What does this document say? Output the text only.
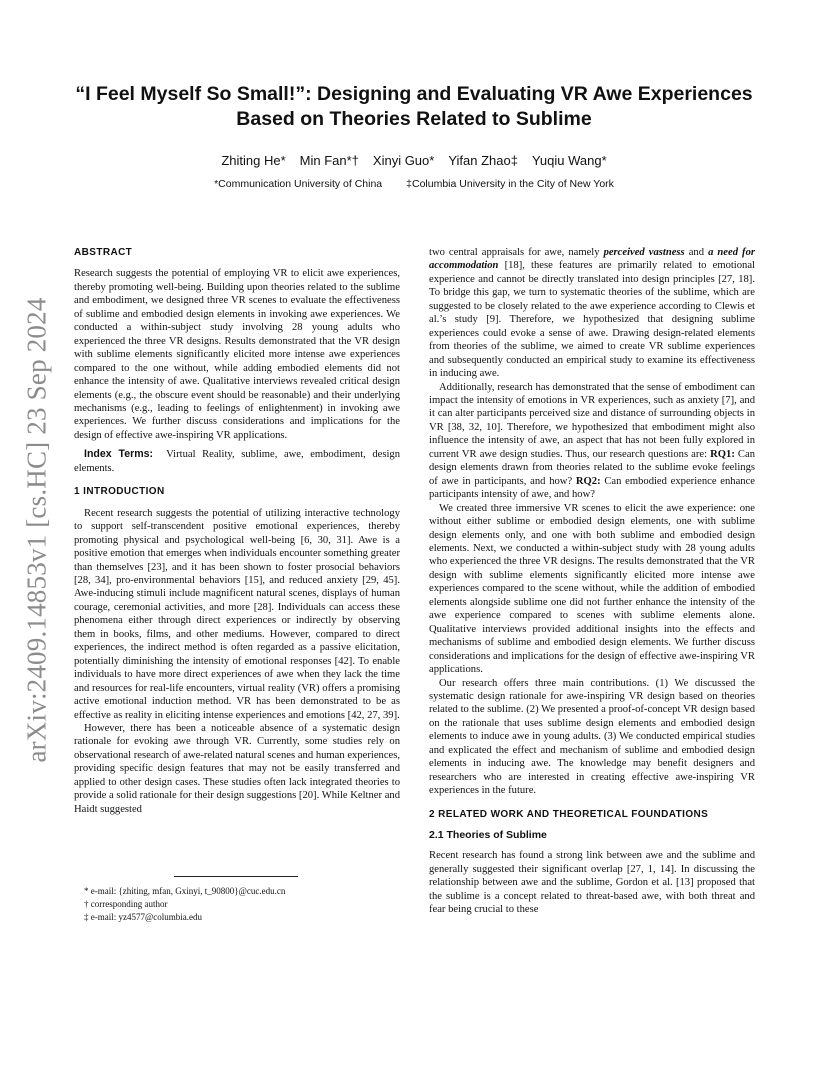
arXiv:2409.14853v1 [cs.HC] 23 Sep 2024
“I Feel Myself So Small!”: Designing and Evaluating VR Awe Experiences
Based on Theories Related to Sublime
Zhiting He* Min Fan*† Xinyi Guo* Yifan Zhao‡ Yuqiu Wang*
*Communication University of China ‡Columbia University in the City of New York
ABSTRACT

Research suggests the potential of employing VR to elicit awe experiences, thereby promoting well-being. Building upon theories related to the sublime and embodiment, we designed three VR scenes to evaluate the effectiveness of sublime and embodied design elements in invoking awe experiences. We conducted a within-subject study involving 28 young adults who experienced the three VR designs. Results demonstrated that the VR design with sublime elements significantly elicited more intense awe experiences compared to the one without, while adding embodied elements did not enhance the intensity of awe. Qualitative interviews revealed critical design elements (e.g., the obscure event should be reasonable) and their underlying mechanisms (e.g., leading to feelings of enlightenment) in invoking awe experiences. We further discuss considerations and implications for the design of effective awe-inspiring VR applications.

Index Terms: Virtual Reality, sublime, awe, embodiment, design elements.

1 INTRODUCTION

Recent research suggests the potential of utilizing interactive technology to support self-transcendent positive emotional experiences, thereby promoting physical and psychological well-being [6, 30, 31]. Awe is a positive emotion that emerges when individuals encounter something greater than themselves [23], and it has been shown to foster prosocial behaviors [28, 34], pro-environmental behaviors [15], and reduced anxiety [29, 45]. Awe-inducing stimuli include magnificent natural scenes, displays of human courage, ceremonial activities, and more [28]. Individuals can access these phenomena either through direct experiences or indirectly by observing them in books, films, and other mediums. However, compared to direct experiences, the indirect method is often regarded as a passive elicitation, potentially diminishing the intensity of emotional responses [42]. To enable individuals to have more direct experiences of awe when they lack the time and resources for real-life encounters, virtual reality (VR) offers a promising active emotional induction method. VR has been demonstrated to be as effective as reality in eliciting intense experiences and emotions [42, 27, 39].

However, there has been a noticeable absence of a systematic design rationale for evoking awe through VR. Currently, some studies rely on observational research of awe-related natural scenes and human experiences, providing specific design features that may not be easily transferred and applied to other design cases. These studies often lack integrated theories to provide a solid rationale for their design suggestions [20]. While Keltner and Haidt suggested

two central appraisals for awe, namely perceived vastness and a need for accommodation [18], these features are primarily related to emotional experience and cannot be directly translated into design principles [27, 18]. To bridge this gap, we turn to systematic theories of the sublime, which are suggested to be closely related to the awe experience according to Clewis et al.’s study [9]. Therefore, we hypothesized that designing sublime experiences could evoke a sense of awe. Drawing design-related elements from theories of the sublime, we aimed to create VR sublime experiences and subsequently conducted an empirical study to examine its effectiveness in inducing awe.

Additionally, research has demonstrated that the sense of embodiment can impact the intensity of emotions in VR experiences, such as anxiety [7], and it can alter participants perceived size and distance of surrounding objects in VR [38, 32, 10]. Therefore, we hypothesized that embodiment might also influence the intensity of awe, an aspect that has not been fully explored in current VR awe design studies. Thus, our research questions are: RQ1: Can design elements drawn from theories related to the sublime evoke feelings of awe in participants, and how? RQ2: Can embodied experience enhance participants intensity of awe, and how?

We created three immersive VR scenes to elicit the awe experience: one without either sublime or embodied design elements, one with sublime design elements only, and one with both sublime and embodied design elements. Next, we conducted a within-subject study with 28 young adults who experienced the three VR designs. The results demonstrated that the VR design with sublime elements significantly elicited more intense awe experiences compared to the scene without, while the addition of embodied elements alongside sublime one did not further enhance the intensity of the awe experience compared to scenes with sublime elements alone. Qualitative interviews provided additional insights into the effects and mechanisms of sublime and embodied design elements. We further discuss considerations and implications for the design of effective awe-inspiring VR applications.

Our research offers three main contributions. (1) We discussed the systematic design rationale for awe-inspiring VR design based on theories related to the sublime. (2) We presented a proof-of-concept VR design based on the rationale that uses sublime design elements and embodied design elements to induce awe in young adults. (3) We conducted empirical studies and explicated the effect and mechanism of sublime and embodied design elements in inducing awe. The knowledge may benefit designers and researchers who are interested in creating effective awe-inspiring VR experiences in the future.

2 RELATED WORK AND THEORETICAL FOUNDATIONS
2.1 Theories of Sublime

Recent research has found a strong link between awe and the sublime and generally suggested their significant overlap [27, 1, 14]. In discussing the relationship between awe and the sublime, Gordon et al. [13] proposed that the sublime is a concept related to threat-based awe, with both threat and fear being crucial to these

* e-mail: {zhiting, mfan, Gxinyi, t_90800}@cuc.edu.cn
† corresponding author
‡ e-mail: yz4577@columbia.edu
